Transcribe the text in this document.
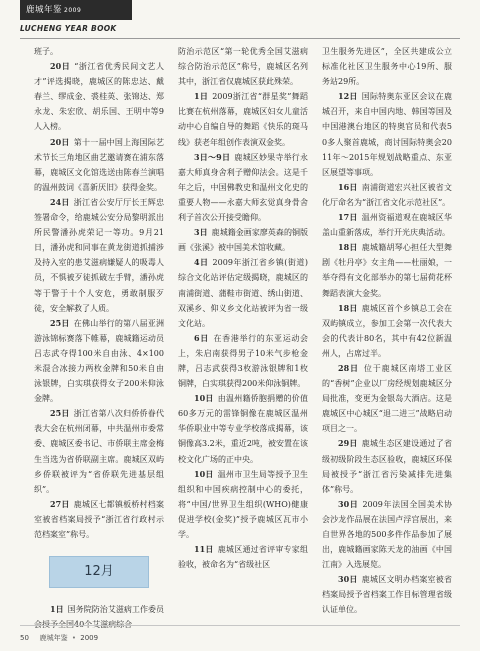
鹿城年鉴 2009
LUCHENG YEAR BOOK

班子。

20日  “浙江省优秀民间文艺人才”评选揭晓，鹿城区的陈忠达、戴春兰、缪成金、裘桂英、张锦达、郑永龙、朱宏欣、胡乐国、王明中等9人入榜。

20日  第十一届中国上海国际艺术节长三角地区曲艺邀请赛在浦东落幕，鹿城区文化馆选送由陈春兰演唱的温州鼓词《喜新厌旧》获得金奖。

24日  浙江省公安厅厅长王辉忠签署命令，给鹿城公安分局黎明派出所民警潘孙虎荣记一等功。9月21日，潘孙虎和同事在黄龙街道抓捕涉及持入室的患艾滋病嫌疑人的吸毒人员，不惧被歹徒抓破左手臂，潘孙虎等于警于十个人安危，勇敢制服歹徒，安全解救了人质。

25日  在佛山举行的第八届亚洲游泳锦标赛落下帷幕，鹿城籍运动员吕志武夺得100米自由泳、4×100米混合冰接力两枚金牌和50米自由泳银牌，白实琪获得女子200米仰泳金牌。

25日  浙江省第八次归侨侨眷代表大会在杭州闭幕，中共温州市委常委、鹿城区委书记、市侨联主席金梅生当选为省侨联副主席。鹿城区双屿乡侨联被评为“省侨联先进基层组织”。

27日  鹿城区七都镇板桥村档案室被省档案局授予“浙江省行政村示范档案室”称号。

12月

1日  国务院防治艾滋病工作委员

防治示范区“第一轮优秀全国艾滋病综合防治示范区”称号，鹿城区名列其中，浙江省仅鹿城区获此殊荣。

1日  2009浙江省“群星奖”舞蹈比赛在杭州落幕，鹿城区妇女儿童活动中心自编自导的舞蹈《快乐的斑马线》获老年组创作表演双金奖。

3日～9日  鹿城区妙果寺举行永嘉大师真身舍利子赠仰法会。这是千年之后，中国佛教史和温州文化史的重要人物——永嘉大师玄觉真身骨舍利子首次公开接受瞻仰。

3日  鹿城籍金画家廖英森的铜版画《张溪》被中国美术馆收藏。

4日  2009年浙江省乡镇(街道)综合文化站评估定级揭晓，鹿城区的南浦街道、蒲鞋市街道、绣山街道、双溪乡、仰义乡文化站被评为省一级文化站。

6日  在香港举行的东亚运动会上，朱启南获得男子10米气步枪金牌，吕志武获得3枚游泳银牌和1枚铜牌，白实琪获得200米仰泳铜牌。

10日  由温州籍侨胞捐赠的价值60多万元的雷锋铜像在鹿城区温州华侨职业中等专业学校落成揭幕，该铜像高3.2米，重近2吨，被安置在该校文化广场的正中央。

10日  温州市卫生局等授予卫生组织和中国疾病控制中心的委托，将“中国/世界卫生组织(WHO)健康促进学校(金奖)”授予鹿城区瓦市小学。

11日  鹿城区通过省评审专家组验收，被命名为“省级社区

卫生服务先进区”，全区共建成公立标准化社区卫生服务中心19所、服务站29所。

12日  国际特奥东亚区会议在鹿城召开，来自中国内地、韩国等国及中国港澳台地区的特奥官员和代表50多人聚首鹿城，商讨国际特奥会2011年～2015年规划战略重点、东亚区展望等事项。

16日  南浦街道宏兴社区被省文化厅命名为“浙江省文化示范社区”。

17日  温州资福道观在鹿城区华盖山重新落成，举行开光庆典活动。

18日  鹿城籍胡琴心担任大型舞剧《牡丹亭》女主角——杜丽娘，一举夺得有文化部举办的第七届荷花杯舞蹈表演大金奖。

18日  鹿城区首个乡镇总工会在双屿镇成立，参加工会第一次代表大会的代表计80名，其中有42位新温州人，占席过半。

28日  位于鹿城区南塔工业区的“香树”企业以厂房经规划鹿城区分局批准，变更为金银岛大酒店。这是鹿城区中心城区“退二进三”战略启动项目之一。

29日  鹿城生态区建设通过了省级初级阶段生态区验收，鹿城区环保局被授予“浙江省污染减排先进集体”称号。

30日  2009年法国全国美术协会沙龙作品展在法国卢浮宫展出，来自世界各地的500多件作品参加了展出，鹿城籍画家陈天龙的油画《中国江南》入选展览。

30日  鹿城区文明办档案室被省档案局授予省档案工作目标管理省级认证单位。

50 鹿城年鉴 • 2009
